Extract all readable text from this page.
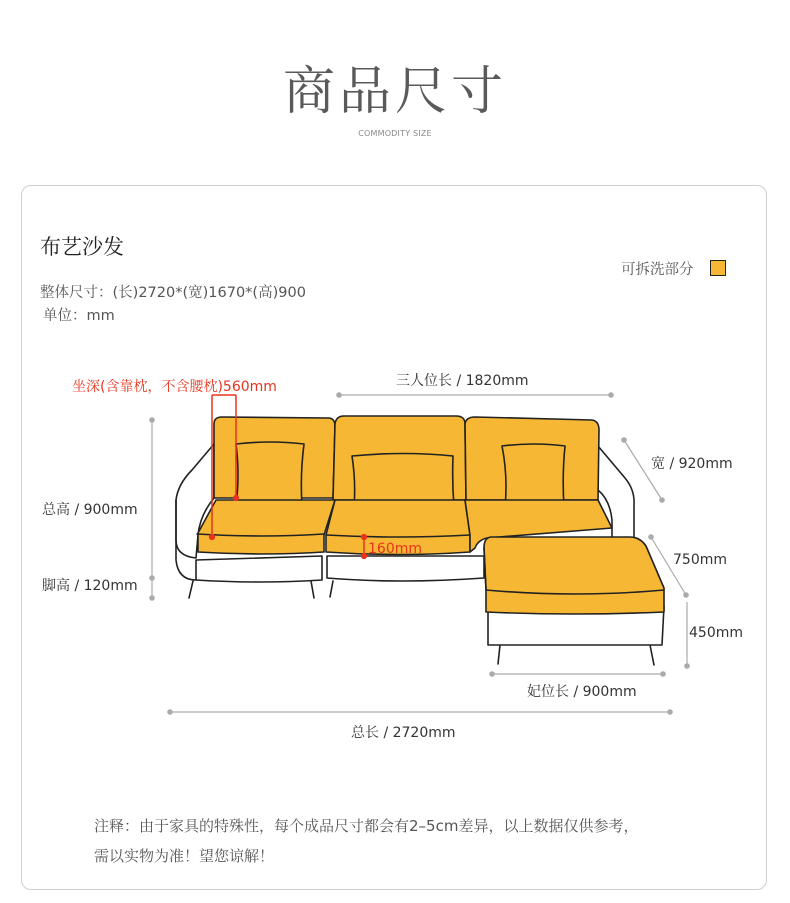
商品尺寸
COMMODITY SIZE
布艺沙发
整体尺寸：(长)2720*(宽)1670*(高)900
单位：mm
可拆洗部分
坐深(含靠枕，不含腰枕)560mm	三人位长 / 1820mm
宽 / 920mm
总高 / 900mm
160mm
脚高 / 120mm
750mm
450mm
妃位长 / 900mm
总长 / 2720mm
注释：由于家具的特殊性，每个成品尺寸都会有2–5cm差异，以上数据仅供参考，
需以实物为准！望您谅解！
